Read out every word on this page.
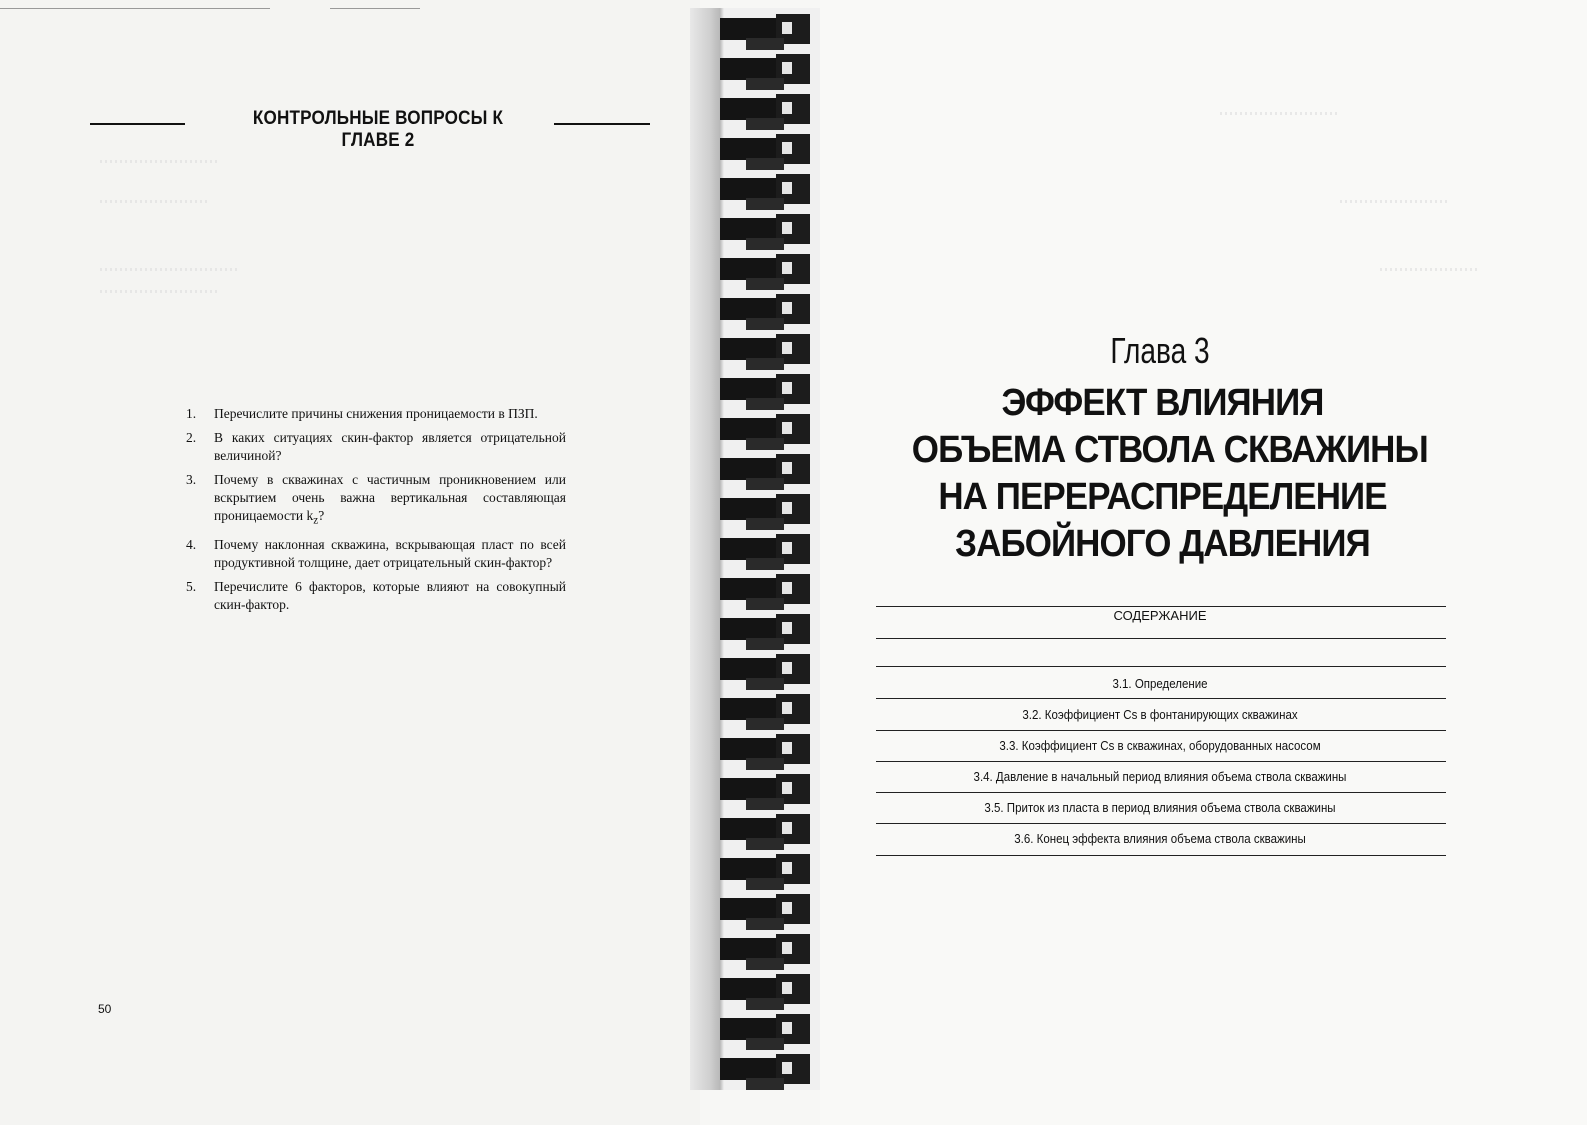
КОНТРОЛЬНЫЕ ВОПРОСЫ К ГЛАВЕ 2
1. Перечислите причины снижения проницаемости в ПЗП.
2. В каких ситуациях скин-фактор является отрицательной величиной?
3. Почему в скважинах с частичным проникновением или вскрытием очень важна вертикальная составляющая проницаемости $k_z$?
4. Почему наклонная скважина, вскрывающая пласт по всей продуктивной толщине, дает отрицательный скин-фактор?
5. Перечислите 6 факторов, которые влияют на совокупный скин-фактор.
50
Глава 3
ЭФФЕКТ ВЛИЯНИЯ
ОБЪЕМА СТВОЛА СКВАЖИНЫ
НА ПЕРЕРАСПРЕДЕЛЕНИЕ
ЗАБОЙНОГО ДАВЛЕНИЯ
СОДЕРЖАНИЕ
3.1. Определение
3.2. Коэффициент Cs в фонтанирующих скважинах
3.3. Коэффициент Cs в скважинах, оборудованных насосом
3.4. Давление в начальный период влияния объема ствола скважины
3.5. Приток из пласта в период влияния объема ствола скважины
3.6. Конец эффекта влияния объема ствола скважины
